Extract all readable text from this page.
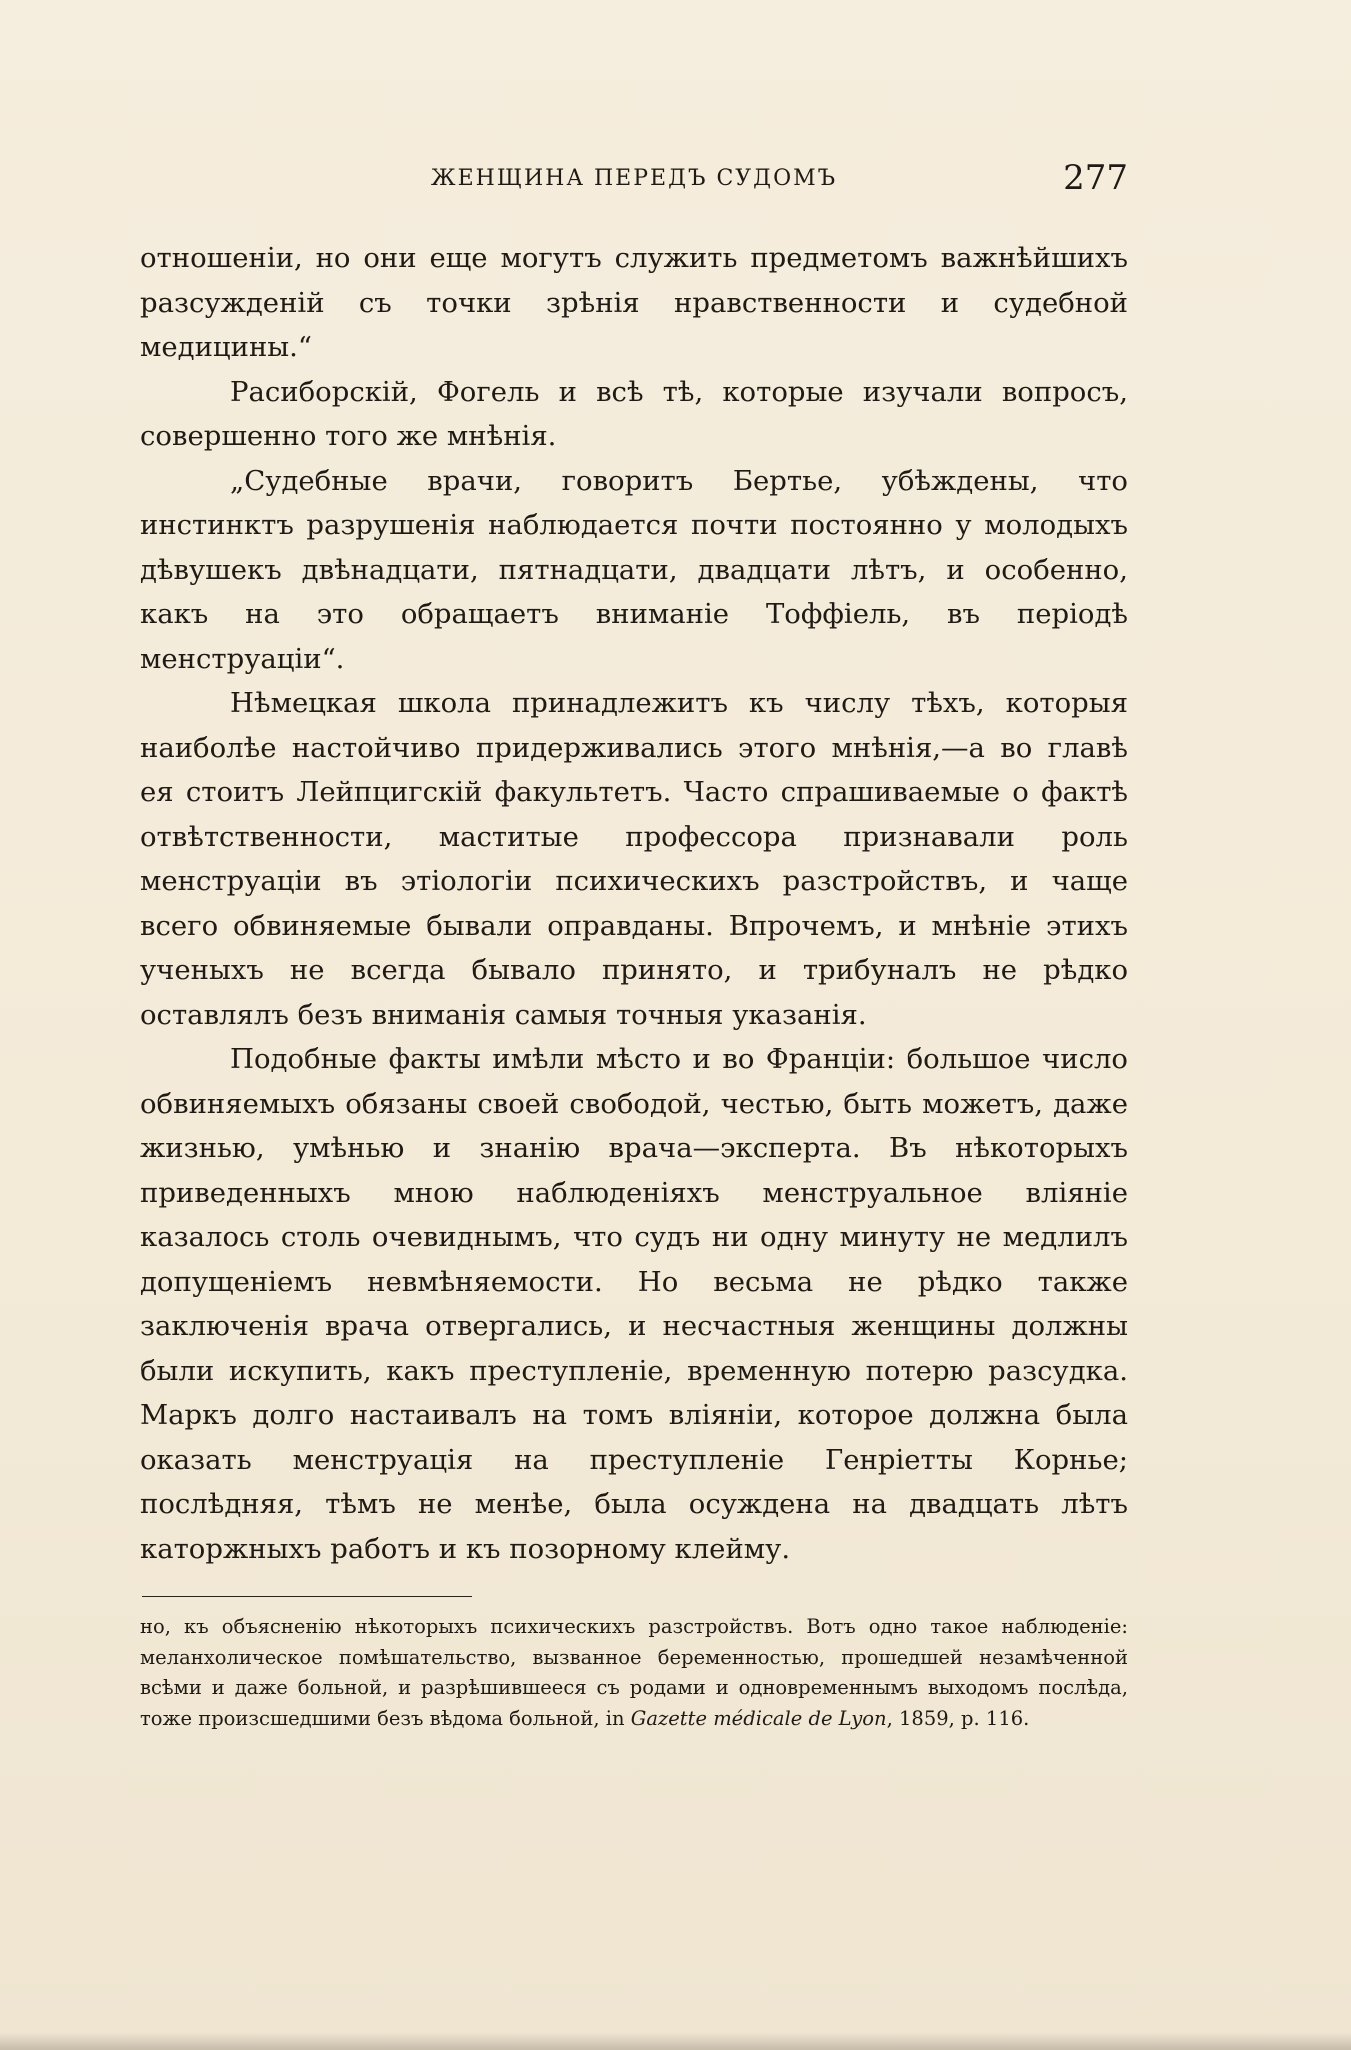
ЖЕНЩИНА ПЕРЕДЪ СУДОМЪ	277

отношеніи, но они еще могутъ служить предметомъ важнѣйшихъ разсужденій съ точки зрѣнія нравственности и судебной медицины.“

Расиборскій, Фогель и всѣ тѣ, которые изучали вопросъ, совершенно того же мнѣнія.

„Судебные врачи, говоритъ Бертье, убѣждены, что инстинктъ разрушенія наблюдается почти постоянно у молодыхъ дѣвушекъ двѣнадцати, пятнадцати, двадцати лѣтъ, и особенно, какъ на это обращаетъ вниманіе Тоффіель, въ періодѣ менструаціи“.

Нѣмецкая школа принадлежитъ къ числу тѣхъ, которыя наиболѣе настойчиво придерживались этого мнѣнія,—а во главѣ ея стоитъ Лейпцигскій факультетъ. Часто спрашиваемые о фактѣ отвѣтственности, маститые профессора признавали роль менструаціи въ этіологіи психическихъ разстройствъ, и чаще всего обвиняемые бывали оправданы. Впрочемъ, и мнѣніе этихъ ученыхъ не всегда бывало принято, и трибуналъ не рѣдко оставлялъ безъ вниманія самыя точныя указанія.

Подобные факты имѣли мѣсто и во Франціи: большое число обвиняемыхъ обязаны своей свободой, честью, быть можетъ, даже жизнью, умѣнью и знанію врача—эксперта. Въ нѣкоторыхъ приведенныхъ мною наблюденіяхъ менструальное вліяніе казалось столь очевиднымъ, что судъ ни одну минуту не медлилъ допущеніемъ невмѣняемости. Но весьма не рѣдко также заключенія врача отвергались, и несчастныя женщины должны были искупить, какъ преступленіе, временную потерю разсудка. Маркъ долго настаивалъ на томъ вліяніи, которое должна была оказать менструація на преступленіе Генріетты Корнье; послѣдняя, тѣмъ не менѣе, была осуждена на двадцать лѣтъ каторжныхъ работъ и къ позорному клейму.

но, къ объясненію нѣкоторыхъ психическихъ разстройствъ. Вотъ одно такое наблюденіе: меланхолическое помѣшательство, вызванное беременностью, прошедшей незамѣченной всѣми и даже больной, и разрѣшившееся съ родами и одновременнымъ выходомъ послѣда, тоже произсшедшими безъ вѣдома больной, in Gazette médicale de Lyon, 1859, p. 116.
